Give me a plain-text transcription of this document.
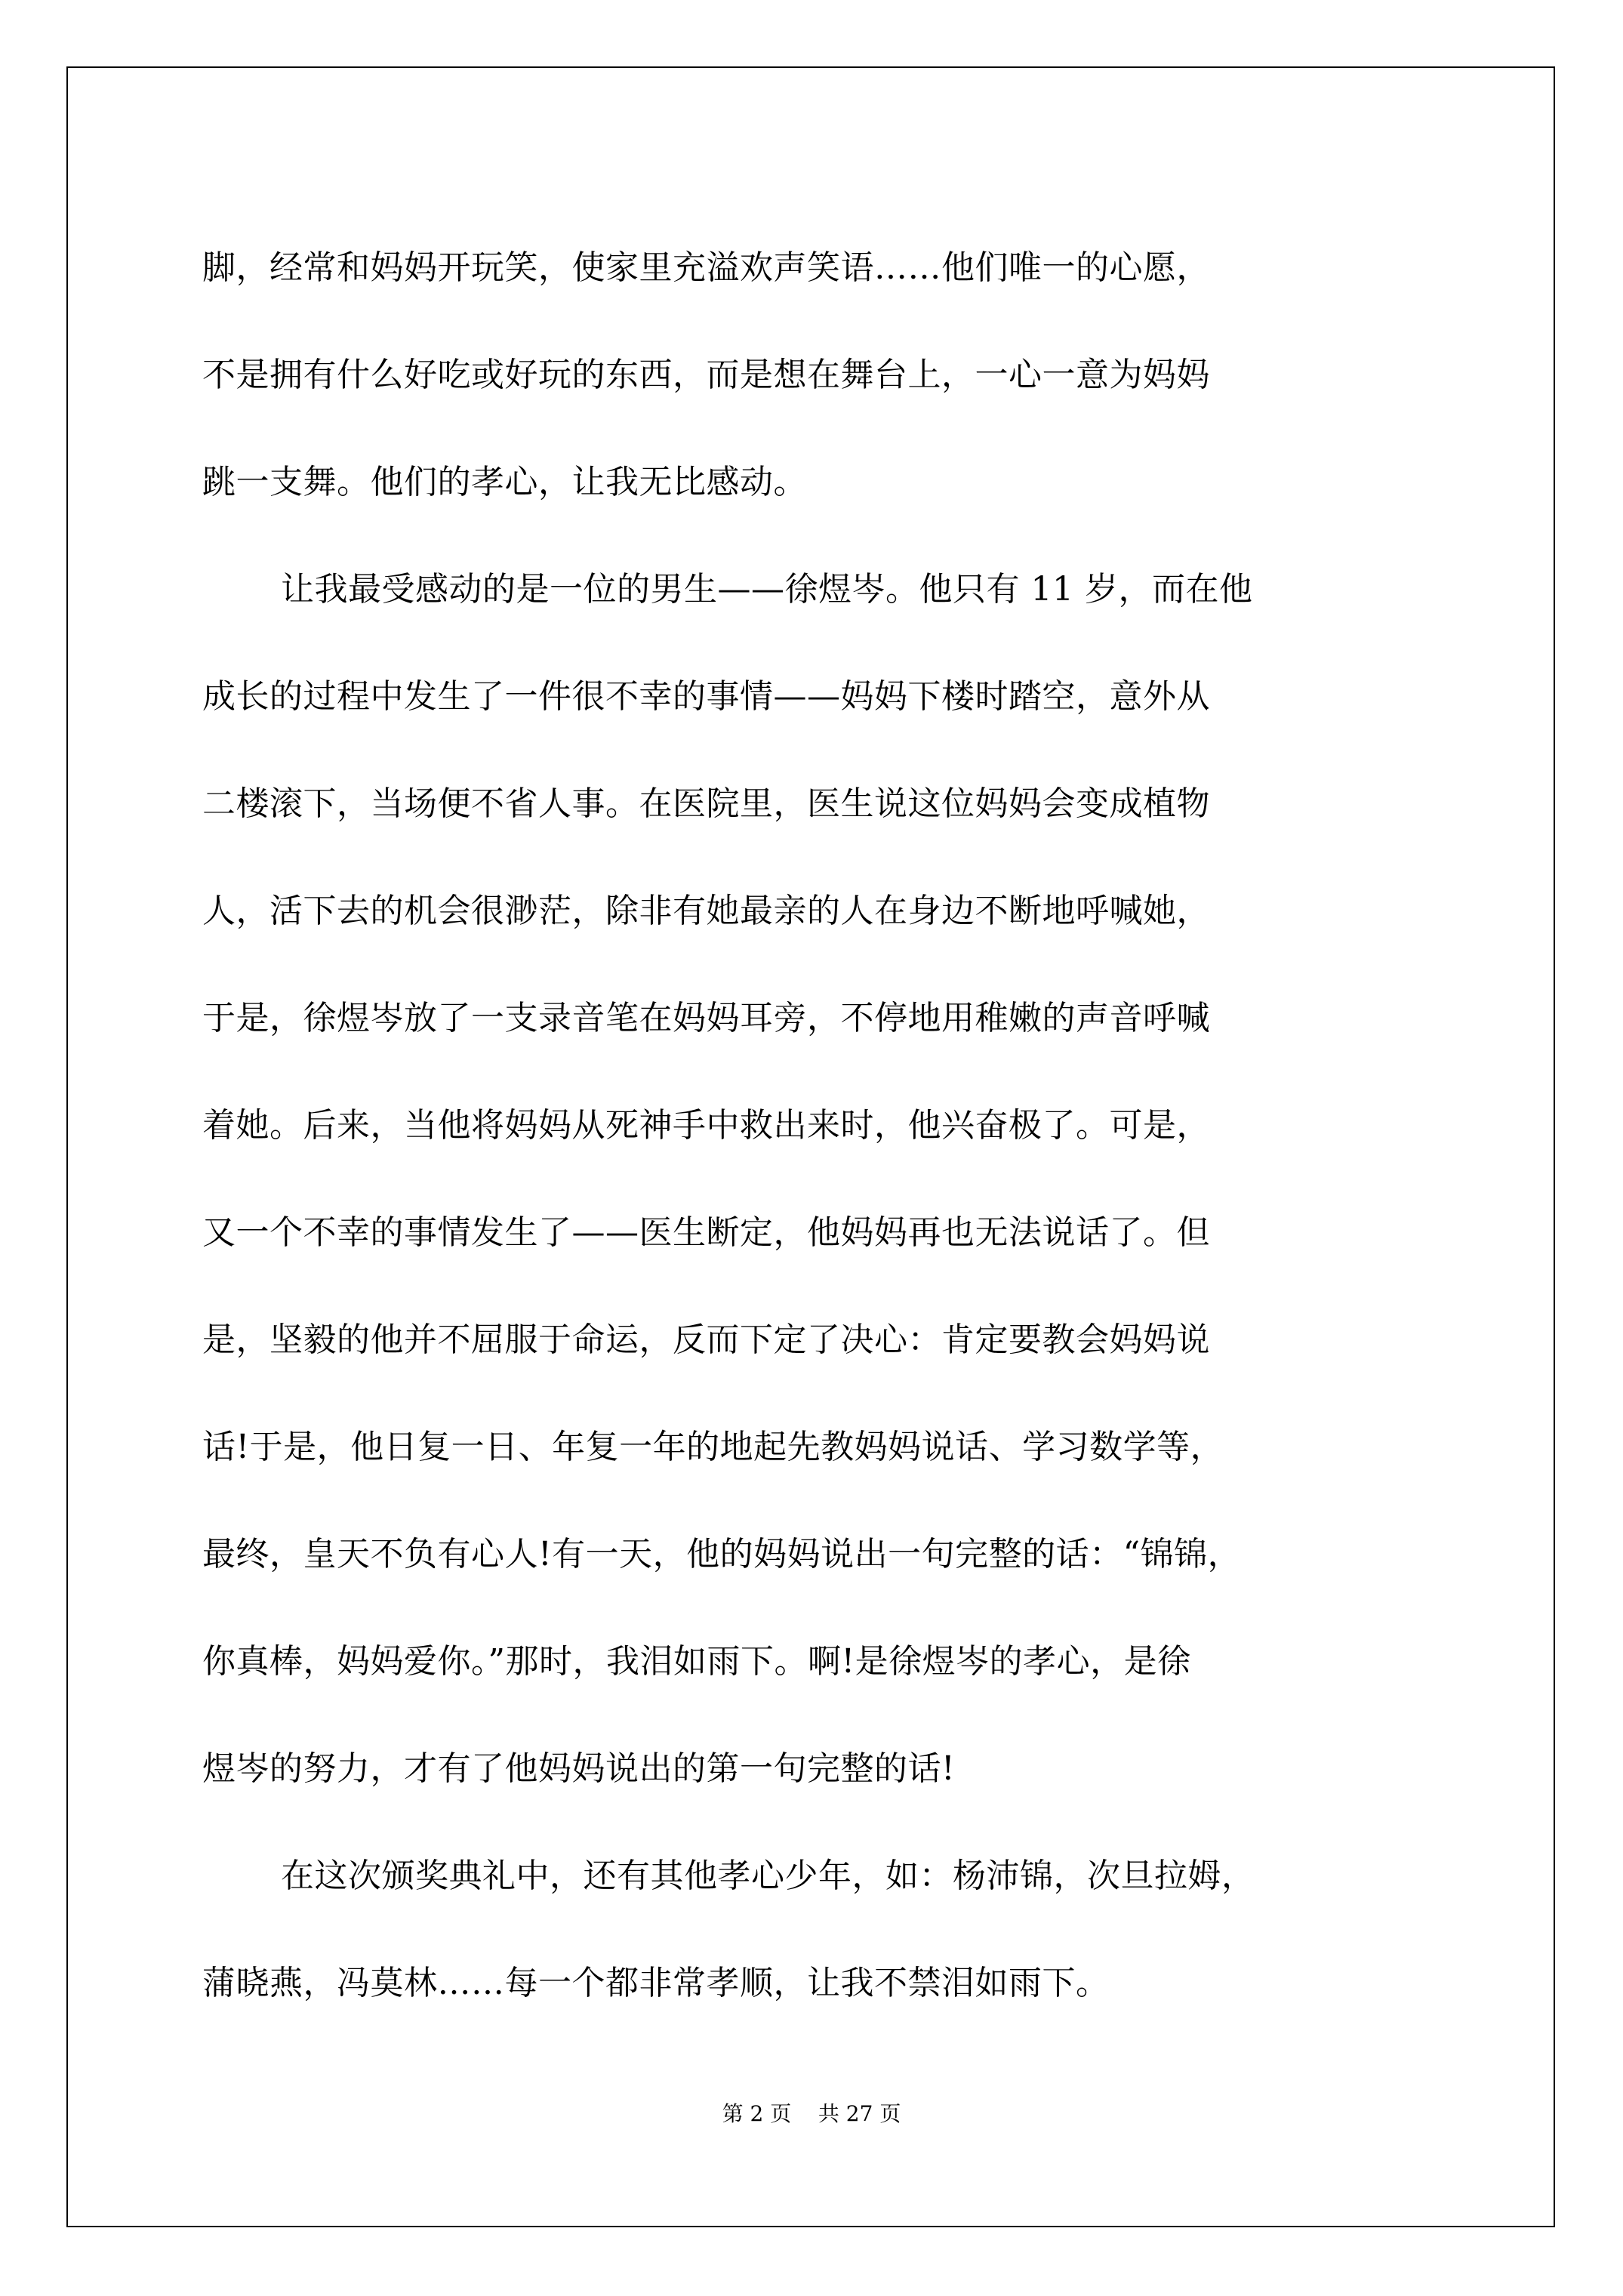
脚，经常和妈妈开玩笑，使家里充溢欢声笑语……他们唯一的心愿，
不是拥有什么好吃或好玩的东西，而是想在舞台上，一心一意为妈妈
跳一支舞。他们的孝心，让我无比感动。
让我最受感动的是一位的男生——徐煜岑。他只有 11 岁，而在他
成长的过程中发生了一件很不幸的事情——妈妈下楼时踏空，意外从
二楼滚下，当场便不省人事。在医院里，医生说这位妈妈会变成植物
人，活下去的机会很渺茫，除非有她最亲的人在身边不断地呼喊她，
于是，徐煜岑放了一支录音笔在妈妈耳旁，不停地用稚嫩的声音呼喊
着她。后来，当他将妈妈从死神手中救出来时，他兴奋极了。可是，
又一个不幸的事情发生了——医生断定，他妈妈再也无法说话了。但
是，坚毅的他并不屈服于命运，反而下定了决心：肯定要教会妈妈说
话!于是，他日复一日、年复一年的地起先教妈妈说话、学习数学等，
最终，皇天不负有心人!有一天，他的妈妈说出一句完整的话：“锦锦，
你真棒，妈妈爱你。”那时，我泪如雨下。啊!是徐煜岑的孝心，是徐
煜岑的努力，才有了他妈妈说出的第一句完整的话!
在这次颁奖典礼中，还有其他孝心少年，如：杨沛锦，次旦拉姆，
蒲晓燕，冯莫林……每一个都非常孝顺，让我不禁泪如雨下。
第 2 页 共 27 页
